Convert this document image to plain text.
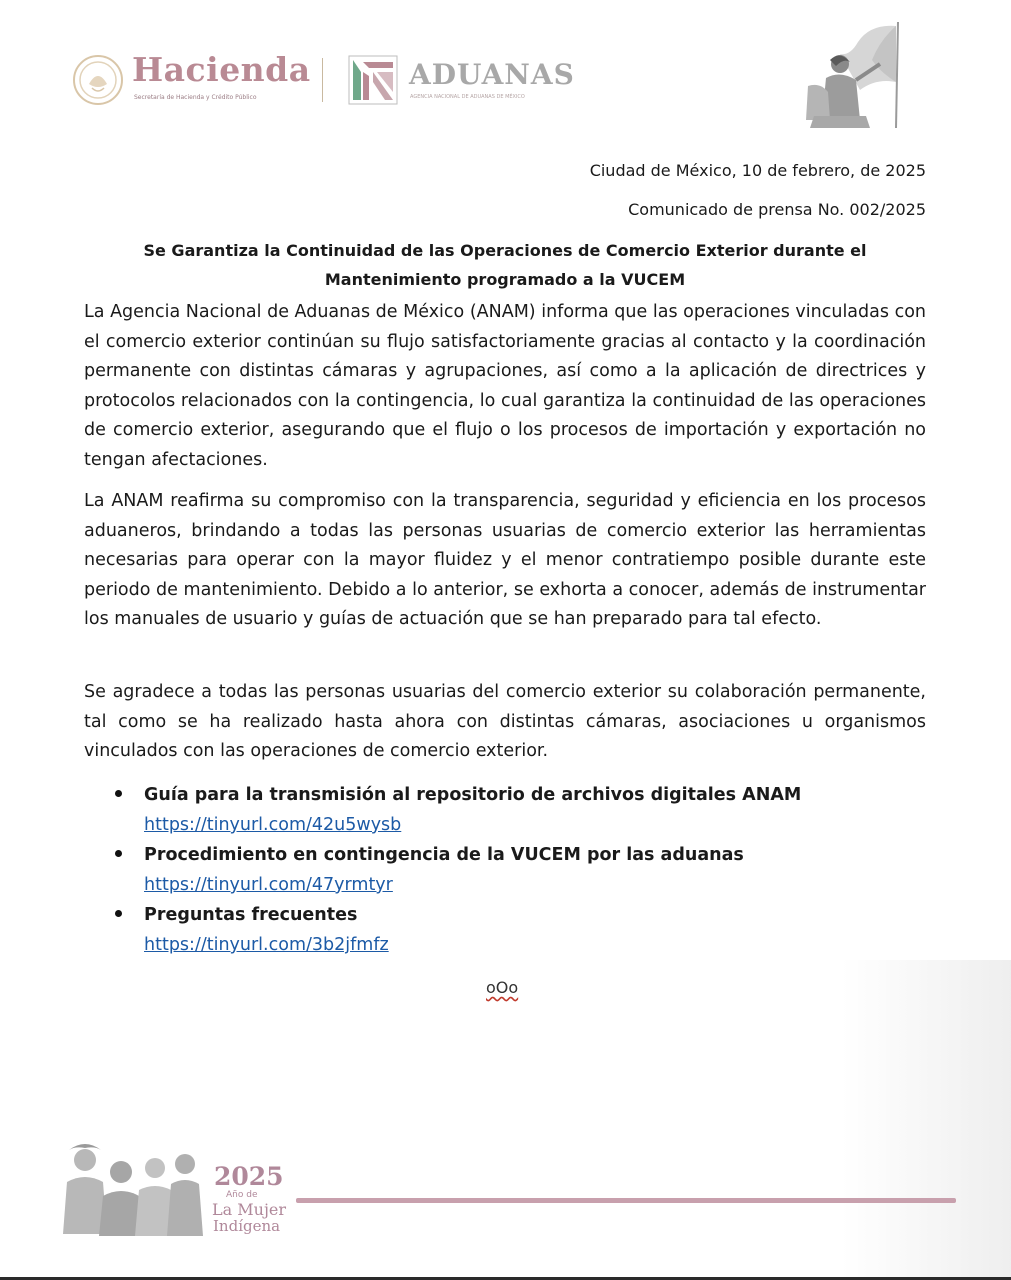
Hacienda
Secretaría de Hacienda y Crédito Público
ADUANAS
AGENCIA NACIONAL DE ADUANAS DE MÉXICO
Ciudad de México, 10 de febrero, de 2025
Comunicado de prensa No. 002/2025
Se Garantiza la Continuidad de las Operaciones de Comercio Exterior durante el
Mantenimiento programado a la VUCEM

La Agencia Nacional de Aduanas de México (ANAM) informa que las operaciones vinculadas con el comercio exterior continúan su flujo satisfactoriamente gracias al contacto y la coordinación permanente con distintas cámaras y agrupaciones, así como a la aplicación de directrices y protocolos relacionados con la contingencia, lo cual garantiza la continuidad de las operaciones de comercio exterior, asegurando que el flujo o los procesos de importación y exportación no tengan afectaciones.

La ANAM reafirma su compromiso con la transparencia, seguridad y eficiencia en los procesos aduaneros, brindando a todas las personas usuarias de comercio exterior las herramientas necesarias para operar con la mayor fluidez y el menor contratiempo posible durante este periodo de mantenimiento. Debido a lo anterior, se exhorta a conocer, además de instrumentar los manuales de usuario y guías de actuación que se han preparado para tal efecto.

Se agradece a todas las personas usuarias del comercio exterior su colaboración permanente, tal como se ha realizado hasta ahora con distintas cámaras, asociaciones u organismos vinculados con las operaciones de comercio exterior.

Guía para la transmisión al repositorio de archivos digitales ANAM
https://tinyurl.com/42u5wysb
Procedimiento en contingencia de la VUCEM por las aduanas
https://tinyurl.com/47yrmtyr
Preguntas frecuentes
https://tinyurl.com/3b2jfmfz
oOo
2025
Año de
La Mujer
Indígena
